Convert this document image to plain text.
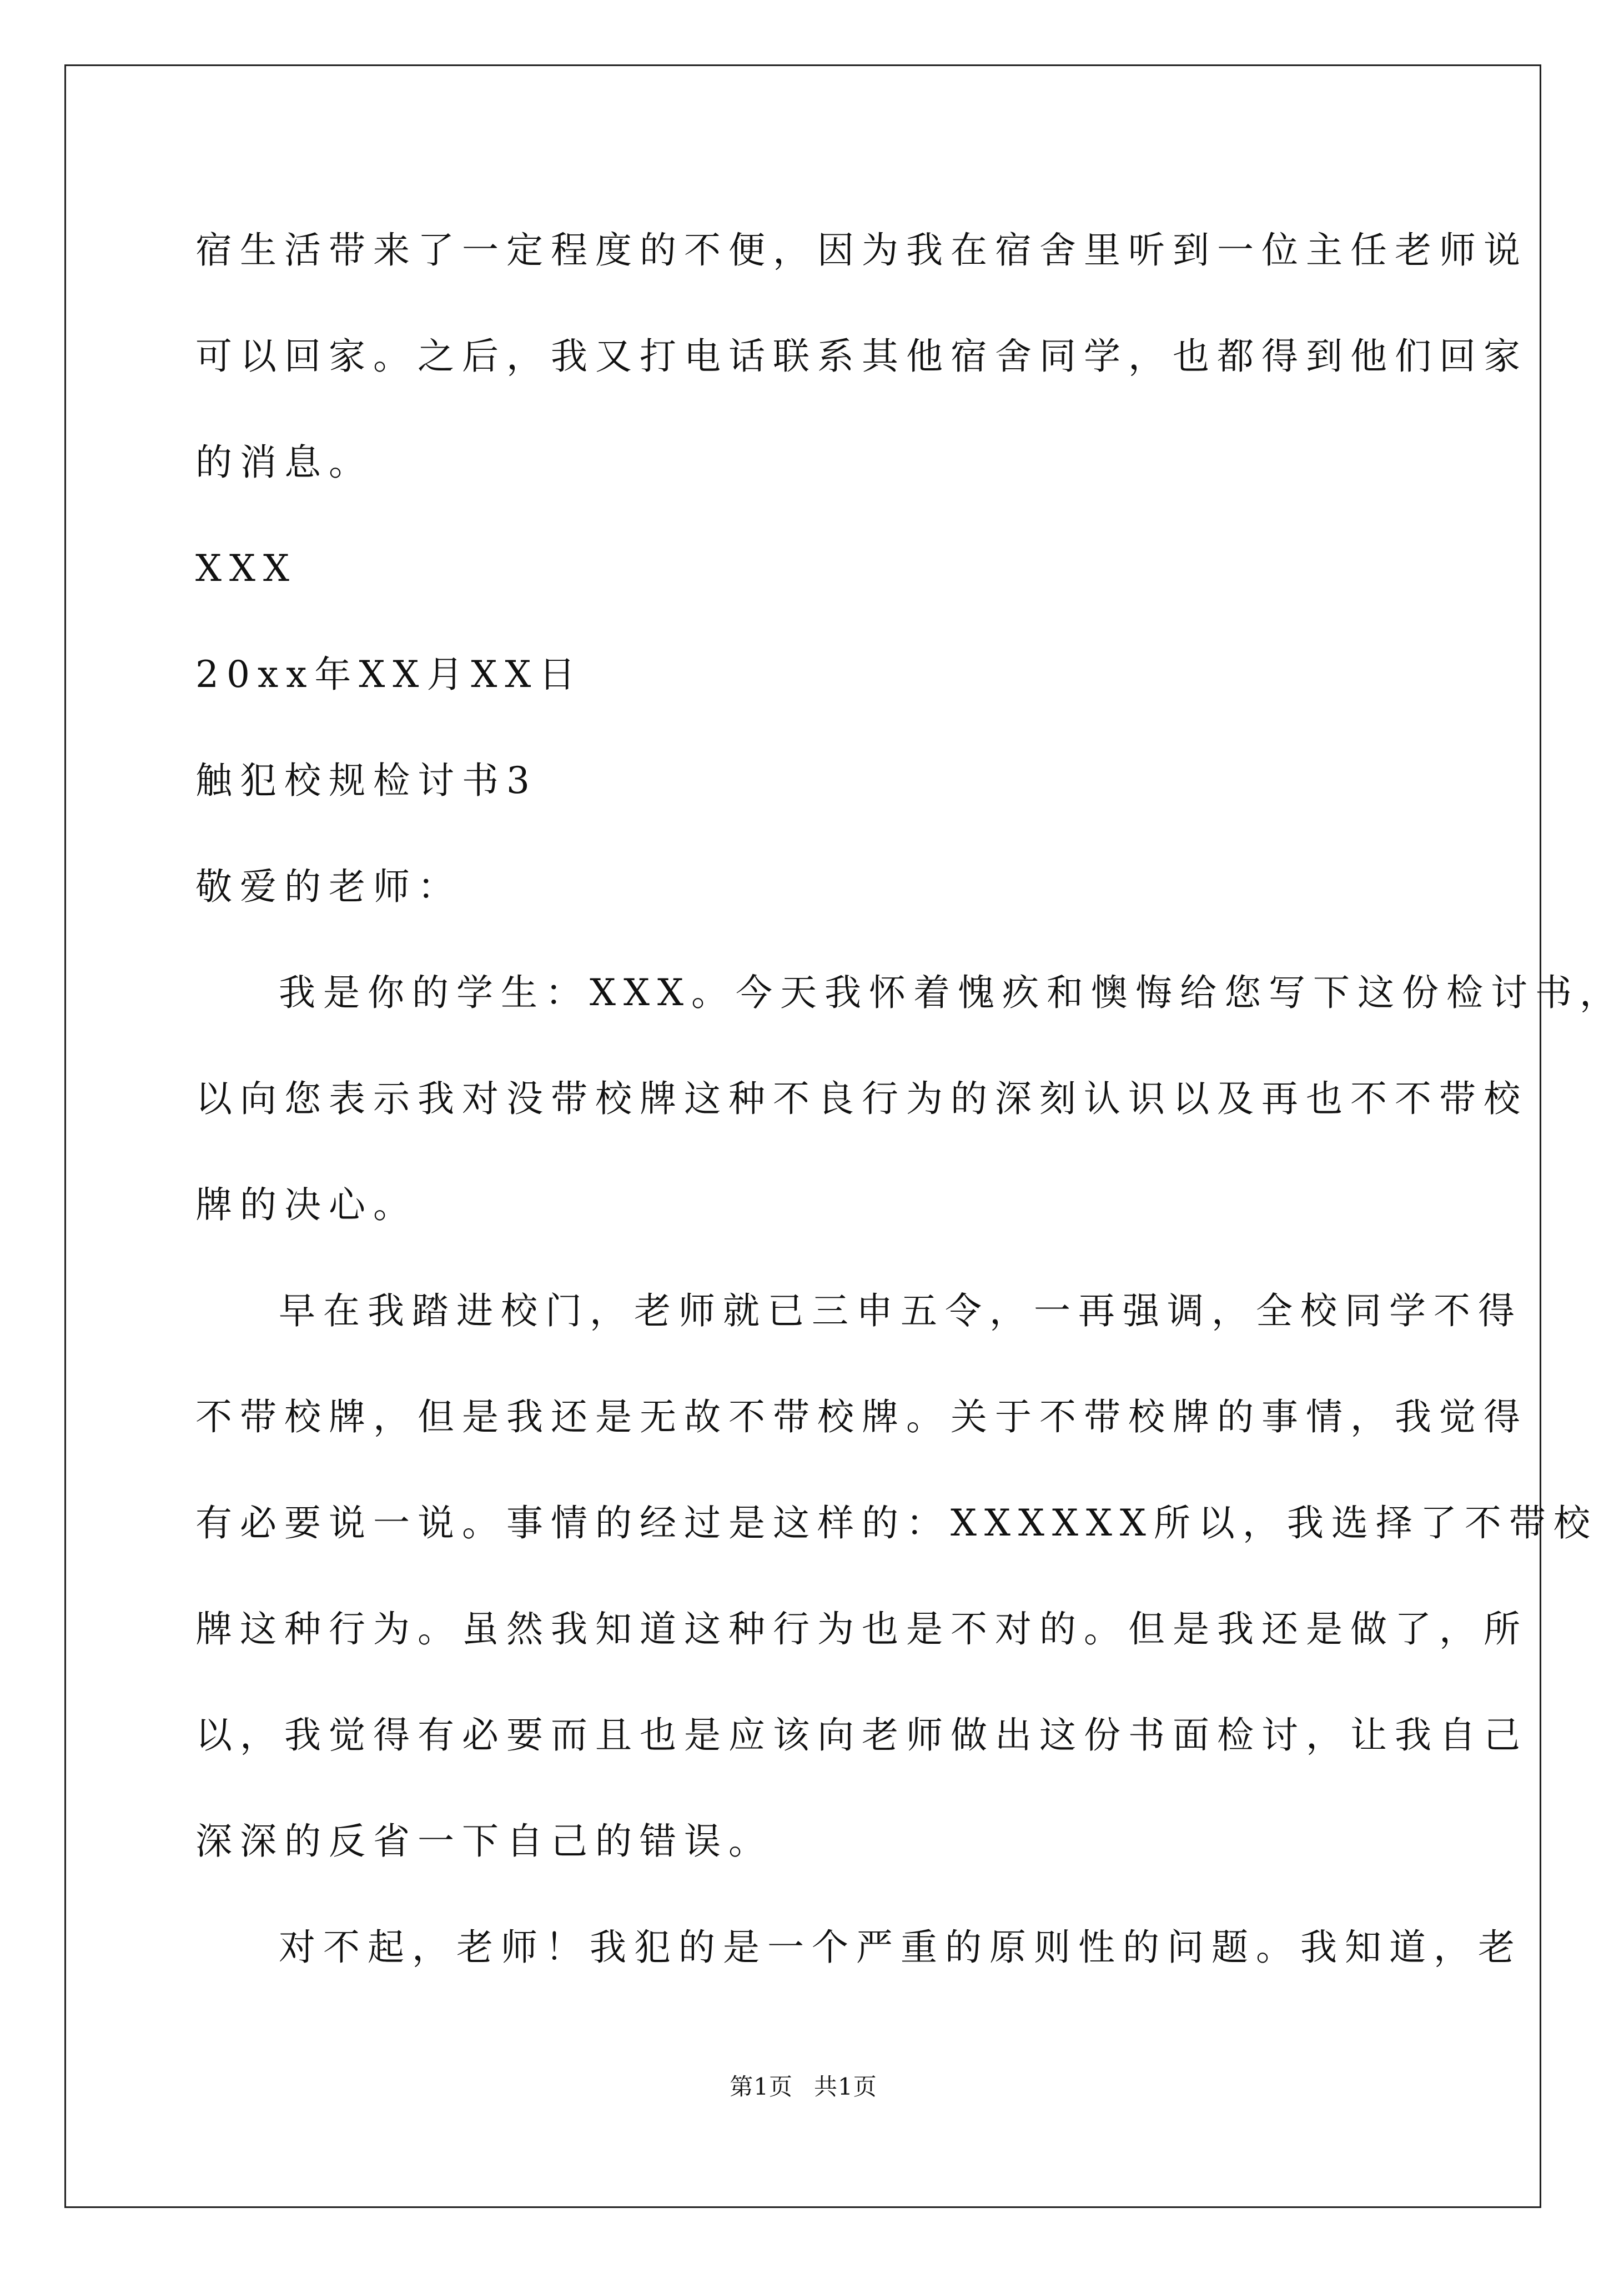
宿生活带来了一定程度的不便，因为我在宿舍里听到一位主任老师说
可以回家。之后，我又打电话联系其他宿舍同学，也都得到他们回家
的消息。
XXX
20xx年XX月XX日
触犯校规检讨书3
敬爱的老师：
我是你的学生：XXX。今天我怀着愧疚和懊悔给您写下这份检讨书，
以向您表示我对没带校牌这种不良行为的深刻认识以及再也不不带校
牌的决心。
早在我踏进校门，老师就已三申五令，一再强调，全校同学不得
不带校牌，但是我还是无故不带校牌。关于不带校牌的事情，我觉得
有必要说一说。事情的经过是这样的：XXXXXX所以，我选择了不带校
牌这种行为。虽然我知道这种行为也是不对的。但是我还是做了，所
以，我觉得有必要而且也是应该向老师做出这份书面检讨，让我自己
深深的反省一下自己的错误。
对不起，老师！我犯的是一个严重的原则性的问题。我知道，老
第1页 共1页
